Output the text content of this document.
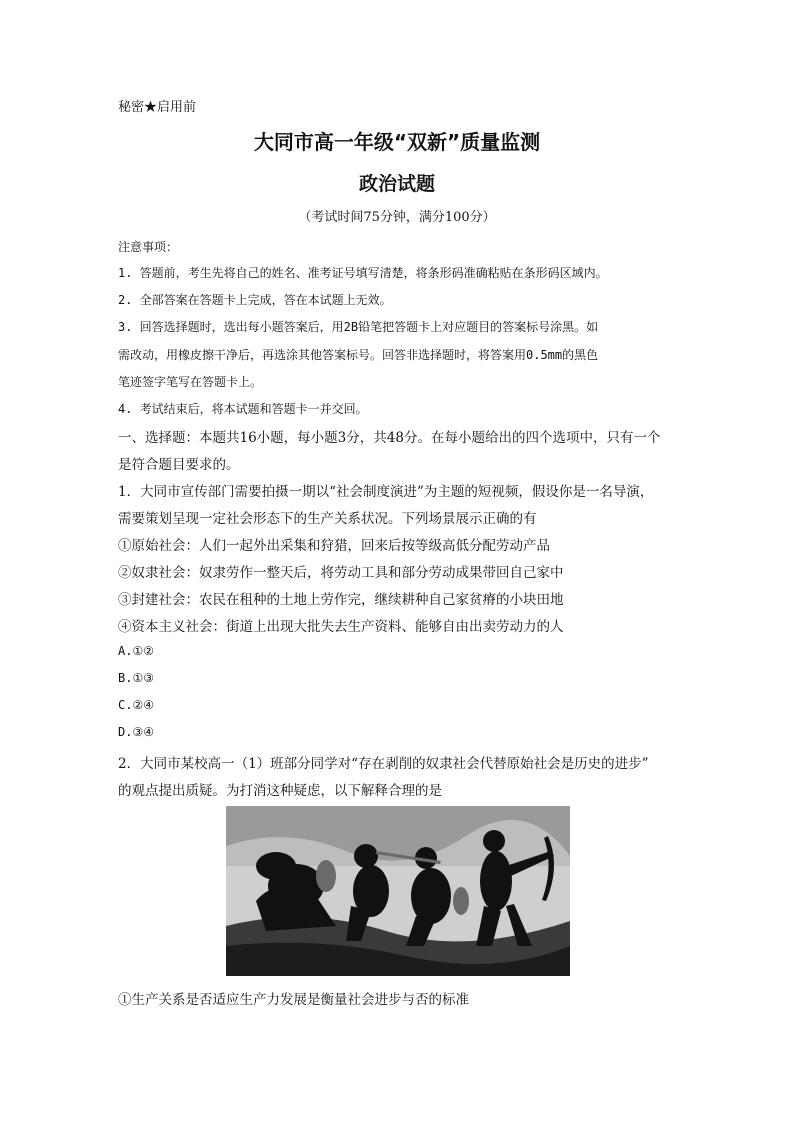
秘密★启用前
大同市高一年级“双新”质量监测
政治试题
（考试时间75分钟，满分100分）
注意事项：
1. 答题前，考生先将自己的姓名、准考证号填写清楚，将条形码准确粘贴在条形码区域内。
2. 全部答案在答题卡上完成，答在本试题上无效。
3. 回答选择题时，选出每小题答案后，用2B铅笔把答题卡上对应题目的答案标号涂黑。如
需改动，用橡皮擦干净后，再选涂其他答案标号。回答非选择题时，将答案用0.5mm的黑色
笔迹签字笔写在答题卡上。
4. 考试结束后，将本试题和答题卡一并交回。
一、选择题：本题共16小题，每小题3分，共48分。在每小题给出的四个选项中，只有一个
是符合题目要求的。
1．大同市宣传部门需要拍摄一期以“社会制度演进”为主题的短视频，假设你是一名导演，
需要策划呈现一定社会形态下的生产关系状况。下列场景展示正确的有
①原始社会：人们一起外出采集和狩猎，回来后按等级高低分配劳动产品
②奴隶社会：奴隶劳作一整天后，将劳动工具和部分劳动成果带回自己家中
③封建社会：农民在租种的土地上劳作完，继续耕种自己家贫瘠的小块田地
④资本主义社会：街道上出现大批失去生产资料、能够自由出卖劳动力的人
A.①②
B.①③
C.②④
D.③④
2．大同市某校高一（1）班部分同学对“存在剥削的奴隶社会代替原始社会是历史的进步”
的观点提出质疑。为打消这种疑虑，以下解释合理的是
①生产关系是否适应生产力发展是衡量社会进步与否的标准
